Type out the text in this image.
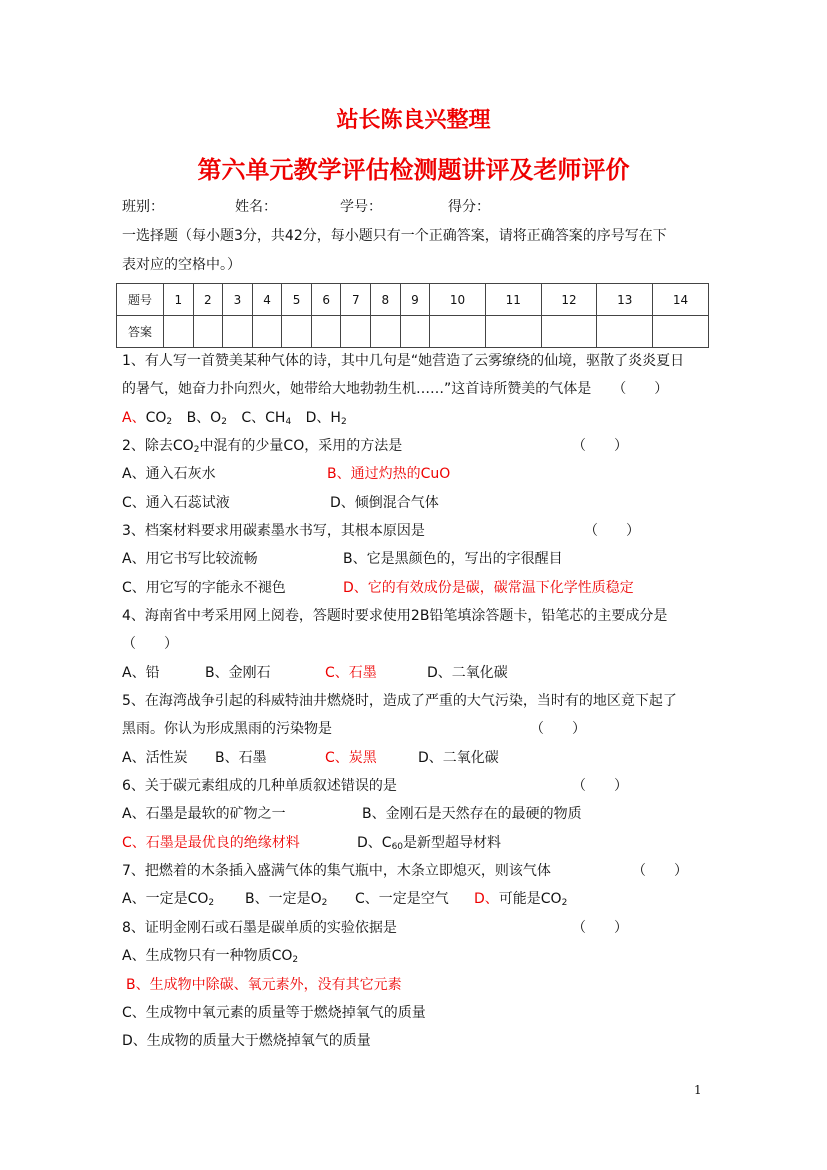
站长陈良兴整理
第六单元教学评估检测题讲评及老师评价
班别：	姓名：	学号：	得分：
一选择题（每小题3分，共42分，每小题只有一个正确答案，请将正确答案的序号写在下
表对应的空格中。）
题号	1	2	3	4	5	6	7	8	9	10	11	12	13	14
答案														
1、有人写一首赞美某种气体的诗，其中几句是“她营造了云雾缭绕的仙境，驱散了炎炎夏日
的暑气，她奋力扑向烈火，她带给大地勃勃生机……”这首诗所赞美的气体是　　（　　）
A、$CO_2$ B、$O_2$ C、$CH_4$ D、$H_2$
2、除去$CO_2$中混有的少量CO，采用的方法是	（　　）
A、通入石灰水	B、通过灼热的CuO
C、通入石蕊试液	D、倾倒混合气体
3、档案材料要求用碳素墨水书写，其根本原因是	（　　）
A、用它书写比较流畅	B、它是黑颜色的，写出的字很醒目
C、用它写的字能永不褪色	D、它的有效成份是碳，碳常温下化学性质稳定
4、海南省中考采用网上阅卷，答题时要求使用2B铅笔填涂答题卡，铅笔芯的主要成分是
（　　）
A、铅	B、金刚石	C、石墨	D、二氧化碳
5、在海湾战争引起的科威特油井燃烧时，造成了严重的大气污染，当时有的地区竟下起了
黑雨。你认为形成黑雨的污染物是	（　　）
A、活性炭 B、石墨	C、炭黑	D、二氧化碳
6、关于碳元素组成的几种单质叙述错误的是	（　　）
A、石墨是最软的矿物之一	B、金刚石是天然存在的最硬的物质
C、石墨是最优良的绝缘材料	D、$C_{60}$是新型超导材料
7、把燃着的木条插入盛满气体的集气瓶中，木条立即熄灭，则该气体	（　　）
A、一定是$CO_2$ B、一定是$O_2$ C、一定是空气 D、可能是$CO_2$
8、证明金刚石或石墨是碳单质的实验依据是	（　　）
A、生成物只有一种物质$CO_2$
B、生成物中除碳、氧元素外，没有其它元素
C、生成物中氧元素的质量等于燃烧掉氧气的质量
D、生成物的质量大于燃烧掉氧气的质量
1
